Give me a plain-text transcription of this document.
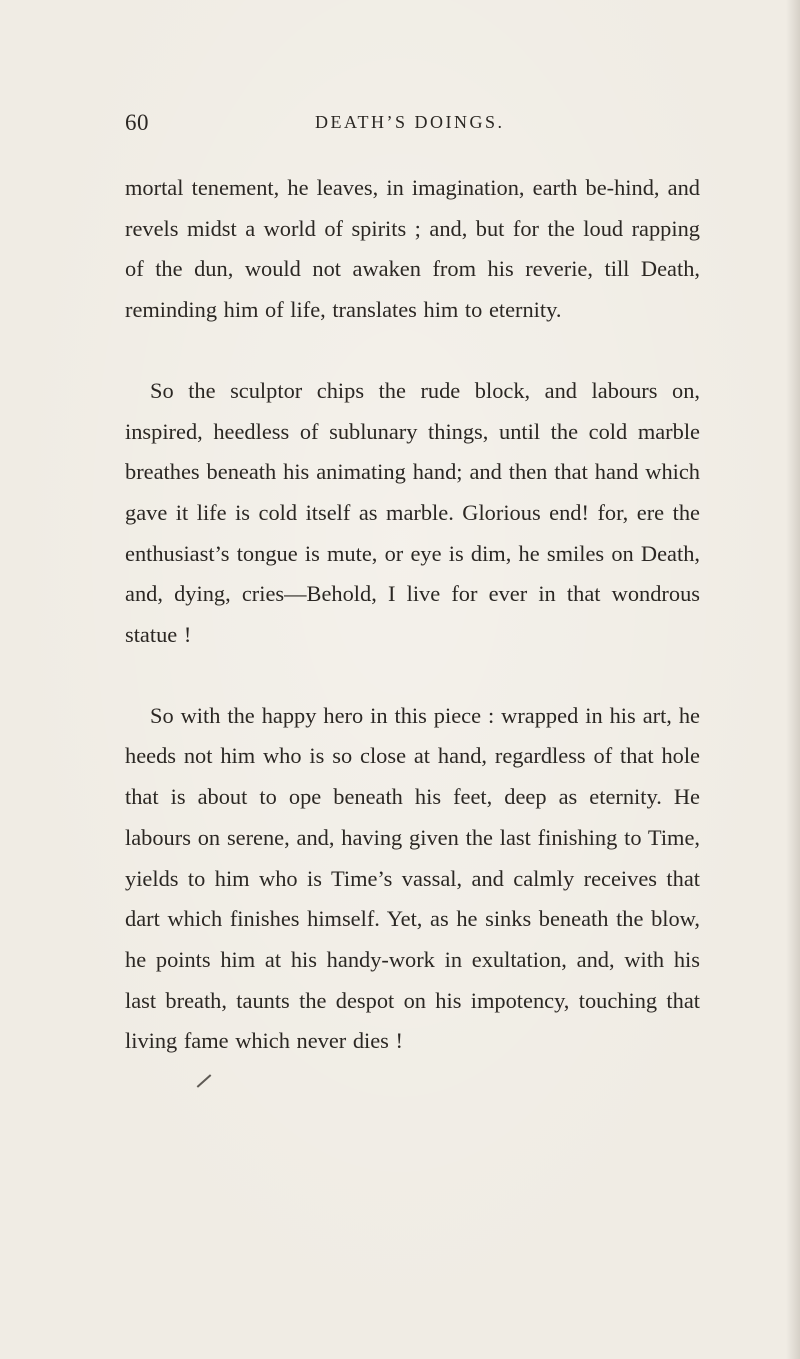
60	DEATH’S DOINGS.

mortal tenement, he leaves, in imagination, earth be-hind, and revels midst a world of spirits ; and, but for the loud rapping of the dun, would not awaken from his reverie, till Death, reminding him of life, translates him to eternity.

So the sculptor chips the rude block, and labours on, inspired, heedless of sublunary things, until the cold marble breathes beneath his animating hand; and then that hand which gave it life is cold itself as marble. Glorious end! for, ere the enthusiast’s tongue is mute, or eye is dim, he smiles on Death, and, dying, cries—Behold, I live for ever in that wondrous statue !

So with the happy hero in this piece : wrapped in his art, he heeds not him who is so close at hand, regardless of that hole that is about to ope beneath his feet, deep as eternity. He labours on serene, and, having given the last finishing to Time, yields to him who is Time’s vassal, and calmly receives that dart which finishes himself. Yet, as he sinks beneath the blow, he points him at his handy-work in exultation, and, with his last breath, taunts the despot on his impotency, touching that living fame which never dies !
